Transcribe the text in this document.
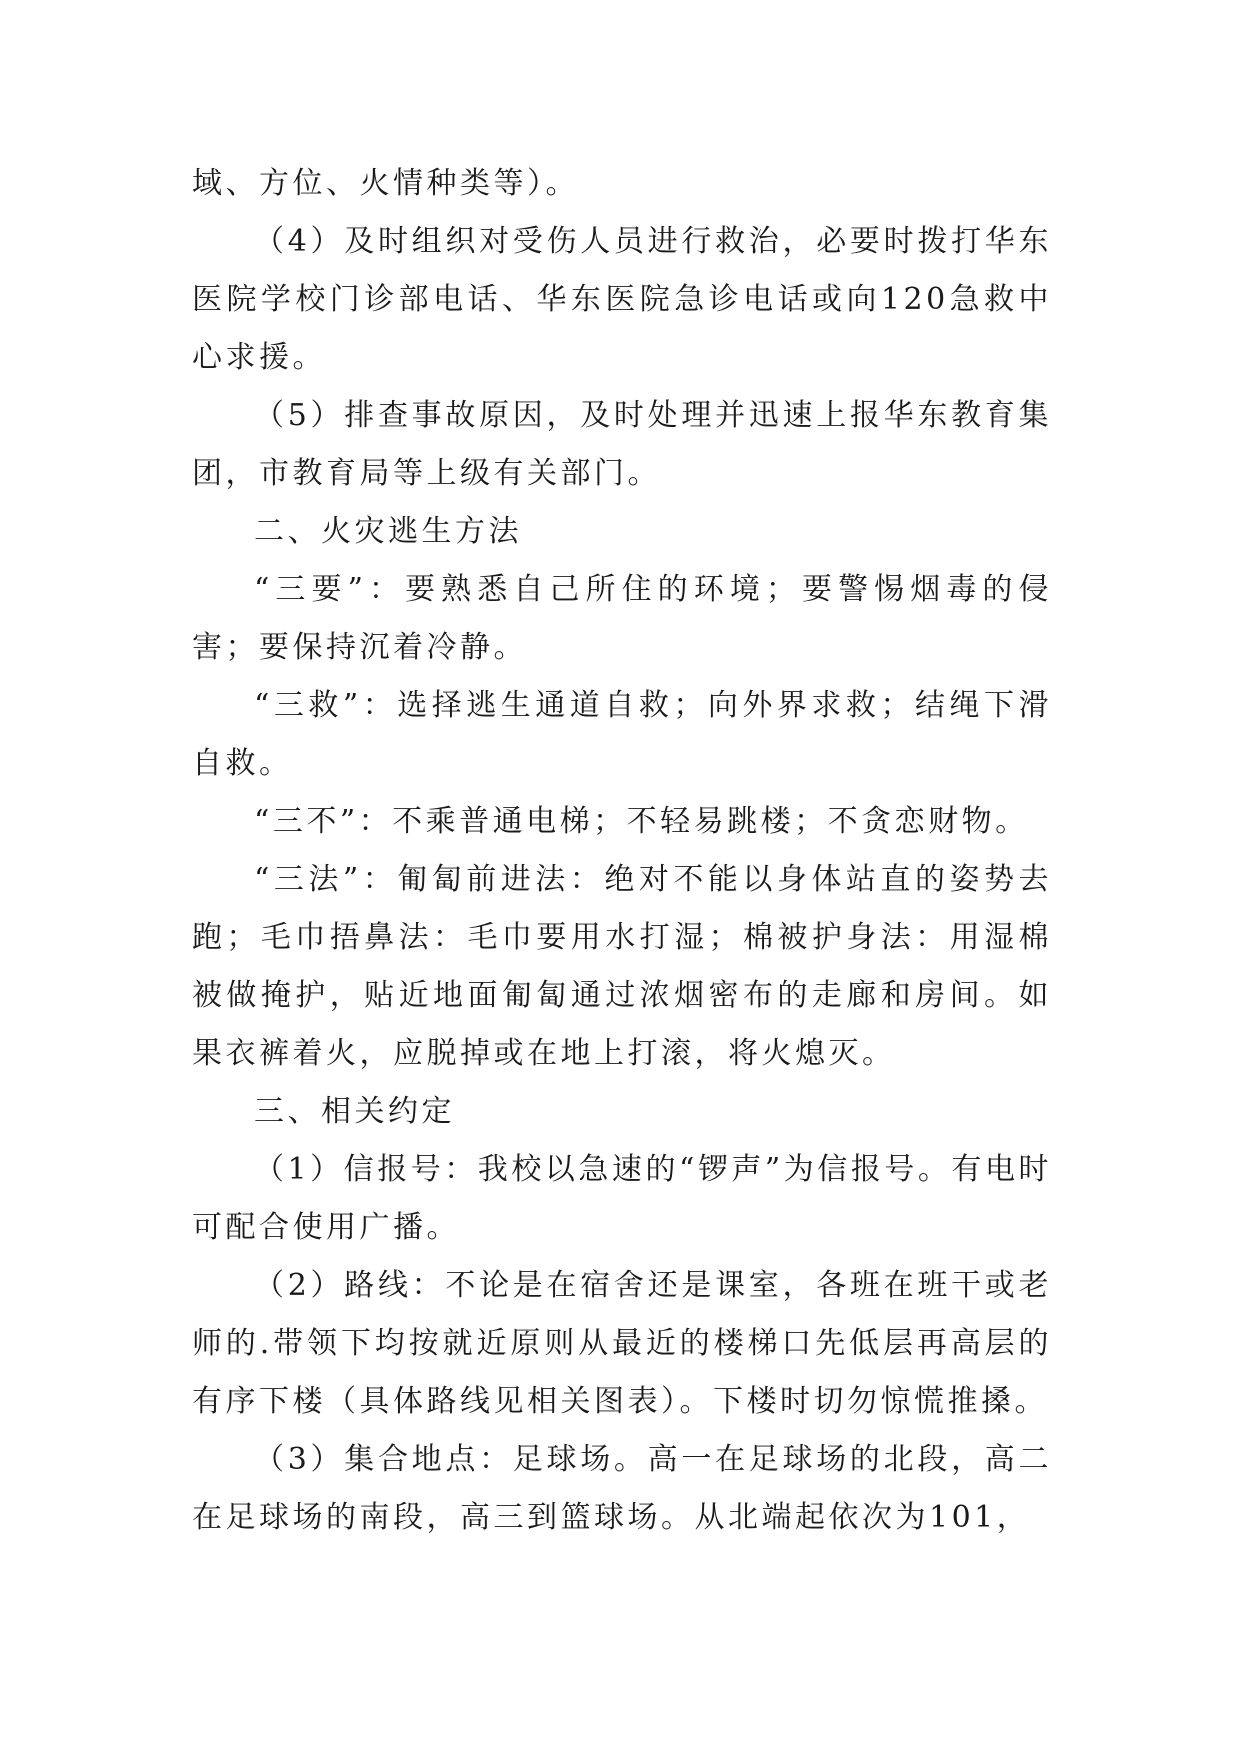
域、方位、火情种类等）。

（4）及时组织对受伤人员进行救治，必要时拨打华东医院学校门诊部电话、华东医院急诊电话或向120急救中心求援。

（5）排查事故原因，及时处理并迅速上报华东教育集团，市教育局等上级有关部门。

二、火灾逃生方法

“三要”：要熟悉自己所住的环境；要警惕烟毒的侵害；要保持沉着冷静。

“三救”：选择逃生通道自救；向外界求救；结绳下滑自救。

“三不”：不乘普通电梯；不轻易跳楼；不贪恋财物。

“三法”：匍匐前进法：绝对不能以身体站直的姿势去跑；毛巾捂鼻法：毛巾要用水打湿；棉被护身法：用湿棉被做掩护，贴近地面匍匐通过浓烟密布的走廊和房间。如果衣裤着火，应脱掉或在地上打滚，将火熄灭。

三、相关约定

（1）信报号：我校以急速的“锣声”为信报号。有电时可配合使用广播。

（2）路线：不论是在宿舍还是课室，各班在班干或老师的.带领下均按就近原则从最近的楼梯口先低层再高层的有序下楼（具体路线见相关图表）。下楼时切勿惊慌推搡。

（3）集合地点：足球场。高一在足球场的北段，高二在足球场的南段，高三到篮球场。从北端起依次为101，
